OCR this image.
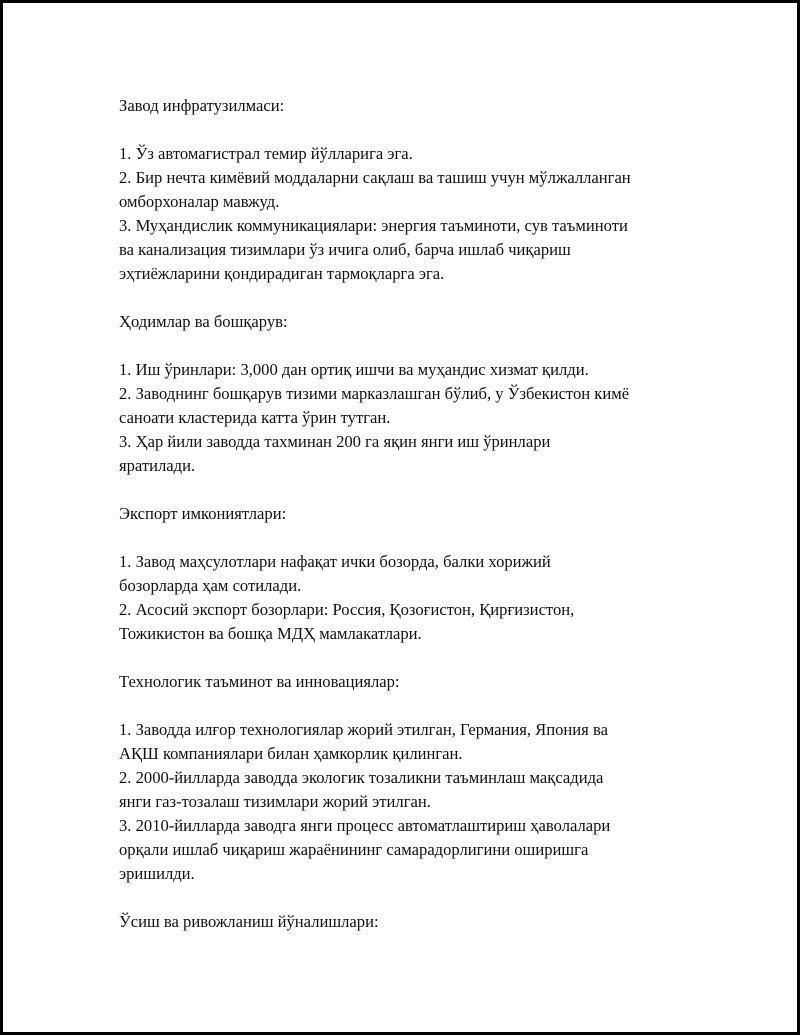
Завод инфратузилмаси:
1. Ўз автомагистрал темир йўлларига эга.
2. Бир нечта кимёвий моддаларни сақлаш ва ташиш учун мўлжалланган
омборхоналар мавжуд.
3. Муҳандислик коммуникациялари: энергия таъминоти, сув таъминоти
ва канализация тизимлари ўз ичига олиб, барча ишлаб чиқариш
эҳтиёжларини қондирадиган тармоқларга эга.
Ҳодимлар ва бошқарув:
1. Иш ўринлари: 3,000 дан ортиқ ишчи ва муҳандис хизмат қилди.
2. Заводнинг бошқарув тизими марказлашган бўлиб, у Ўзбекистон кимё
саноати кластерида катта ўрин тутган.
3. Ҳар йили заводда тахминан 200 га яқин янги иш ўринлари
яратилади.
Экспорт имкониятлари:
1. Завод маҳсулотлари нафақат ички бозорда, балки хорижий
бозорларда ҳам сотилади.
2. Асосий экспорт бозорлари: Россия, Қозоғистон, Қирғизистон,
Тожикистон ва бошқа МДҲ мамлакатлари.
Технологик таъминот ва инновациялар:
1. Заводда илғор технологиялар жорий этилган, Германия, Япония ва
АҚШ компаниялари билан ҳамкорлик қилинган.
2. 2000-йилларда заводда экологик тозаликни таъминлаш мақсадида
янги газ-тозалаш тизимлари жорий этилган.
3. 2010-йилларда заводга янги процесс автоматлаштириш ҳаволалари
орқали ишлаб чиқариш жараёнининг самарадорлигини оширишга
эришилди.
Ўсиш ва ривожланиш йўналишлари:
